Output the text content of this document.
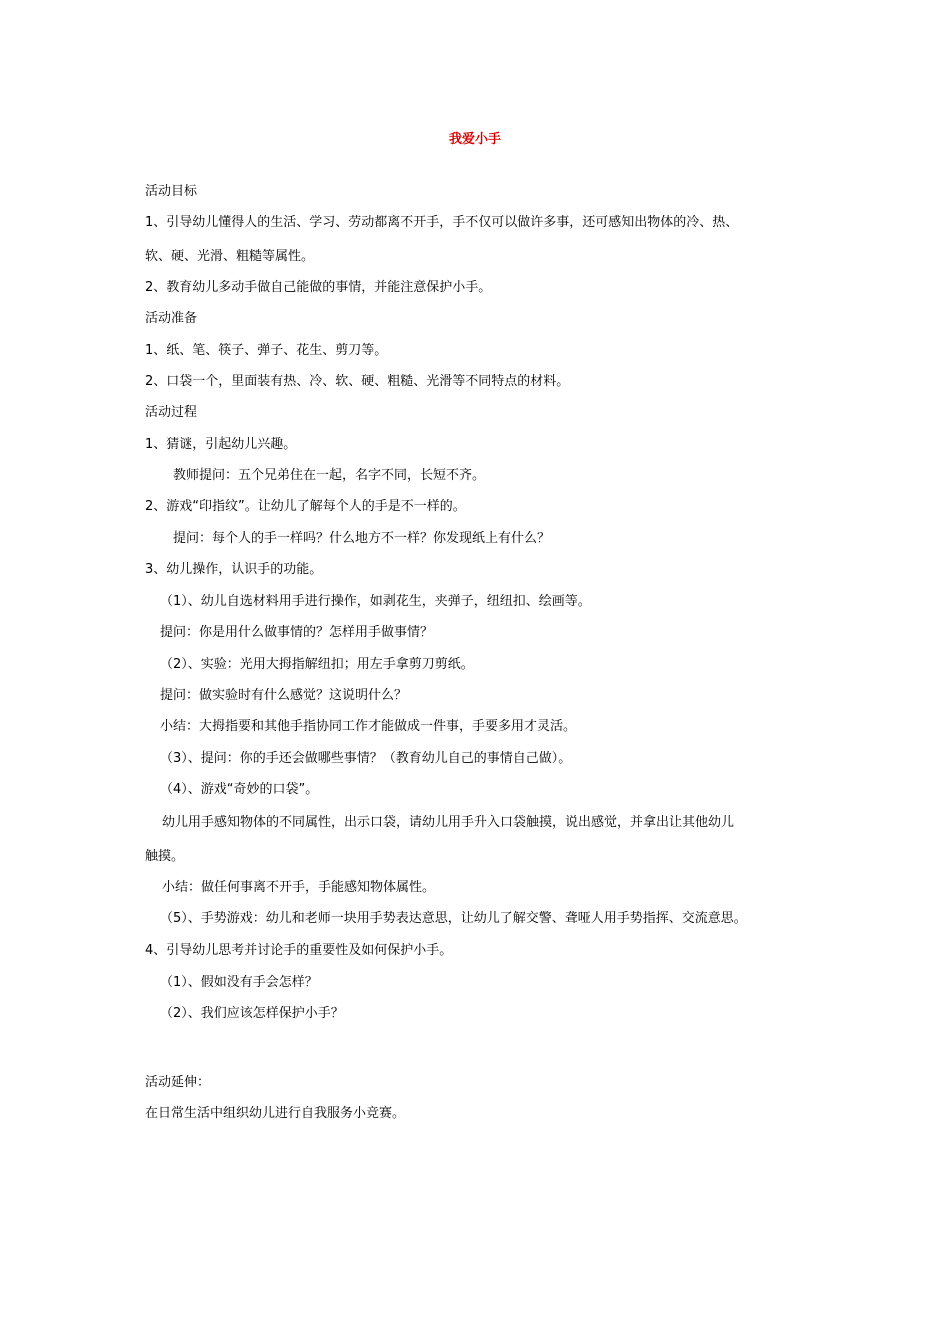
我爱小手
活动目标
1、引导幼儿懂得人的生活、学习、劳动都离不开手，手不仅可以做许多事，还可感知出物体的冷、热、
软、硬、光滑、粗糙等属性。
2、教育幼儿多动手做自己能做的事情，并能注意保护小手。
活动准备
1、纸、笔、筷子、弹子、花生、剪刀等。
2、口袋一个，里面装有热、冷、软、硬、粗糙、光滑等不同特点的材料。
活动过程
1、猜谜，引起幼儿兴趣。
教师提问：五个兄弟住在一起，名字不同，长短不齐。
2、游戏“印指纹”。让幼儿了解每个人的手是不一样的。
提问：每个人的手一样吗？什么地方不一样？你发现纸上有什么？
3、幼儿操作，认识手的功能。
（1）、幼儿自选材料用手进行操作，如剥花生，夹弹子，纽纽扣、绘画等。
提问：你是用什么做事情的？怎样用手做事情？
（2）、实验：光用大拇指解纽扣；用左手拿剪刀剪纸。
提问：做实验时有什么感觉？这说明什么？
小结：大拇指要和其他手指协同工作才能做成一件事，手要多用才灵活。
（3）、提问：你的手还会做哪些事情？（教育幼儿自己的事情自己做）。
（4）、游戏“奇妙的口袋”。
幼儿用手感知物体的不同属性，出示口袋，请幼儿用手升入口袋触摸，说出感觉，并拿出让其他幼儿
触摸。
小结：做任何事离不开手，手能感知物体属性。
（5）、手势游戏：幼儿和老师一块用手势表达意思，让幼儿了解交警、聋哑人用手势指挥、交流意思。
4、引导幼儿思考并讨论手的重要性及如何保护小手。
（1）、假如没有手会怎样？
（2）、我们应该怎样保护小手？
活动延伸：
在日常生活中组织幼儿进行自我服务小竞赛。
